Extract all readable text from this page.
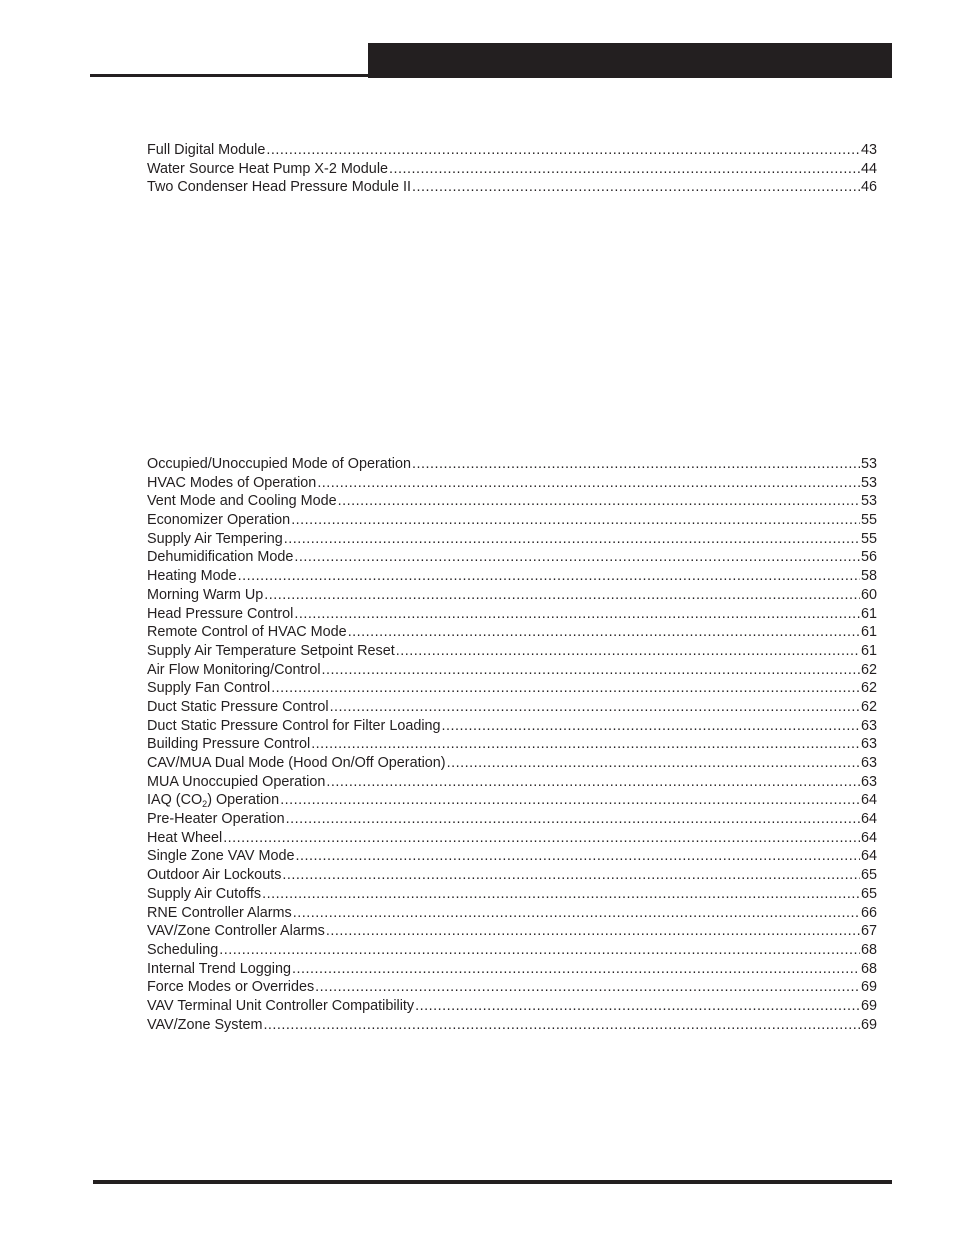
Full Digital Module .....	43
Water Source Heat Pump X-2 Module .....	44
Two Condenser Head Pressure Module II .....	46
Occupied/Unoccupied Mode of Operation .....	53
HVAC Modes of Operation .....	53
Vent Mode and Cooling Mode .....	53
Economizer Operation .....	55
Supply Air Tempering .....	55
Dehumidification Mode .....	56
Heating Mode .....	58
Morning Warm Up .....	60
Head Pressure Control .....	61
Remote Control of HVAC Mode .....	61
Supply Air Temperature Setpoint Reset .....	61
Air Flow Monitoring/Control .....	62
Supply Fan Control .....	62
Duct Static Pressure Control .....	62
Duct Static Pressure Control for Filter Loading .....	63
Building Pressure Control .....	63
CAV/MUA Dual Mode (Hood On/Off Operation) .....	63
MUA Unoccupied Operation .....	63
IAQ $(CO_2)$ Operation .....	64
Pre-Heater Operation .....	64
Heat Wheel .....	64
Single Zone VAV Mode .....	64
Outdoor Air Lockouts .....	65
Supply Air Cutoffs .....	65
RNE Controller Alarms .....	66
VAV/Zone Controller Alarms .....	67
Scheduling .....	68
Internal Trend Logging .....	68
Force Modes or Overrides .....	69
VAV Terminal Unit Controller Compatibility .....	69
VAV/Zone System .....	69
